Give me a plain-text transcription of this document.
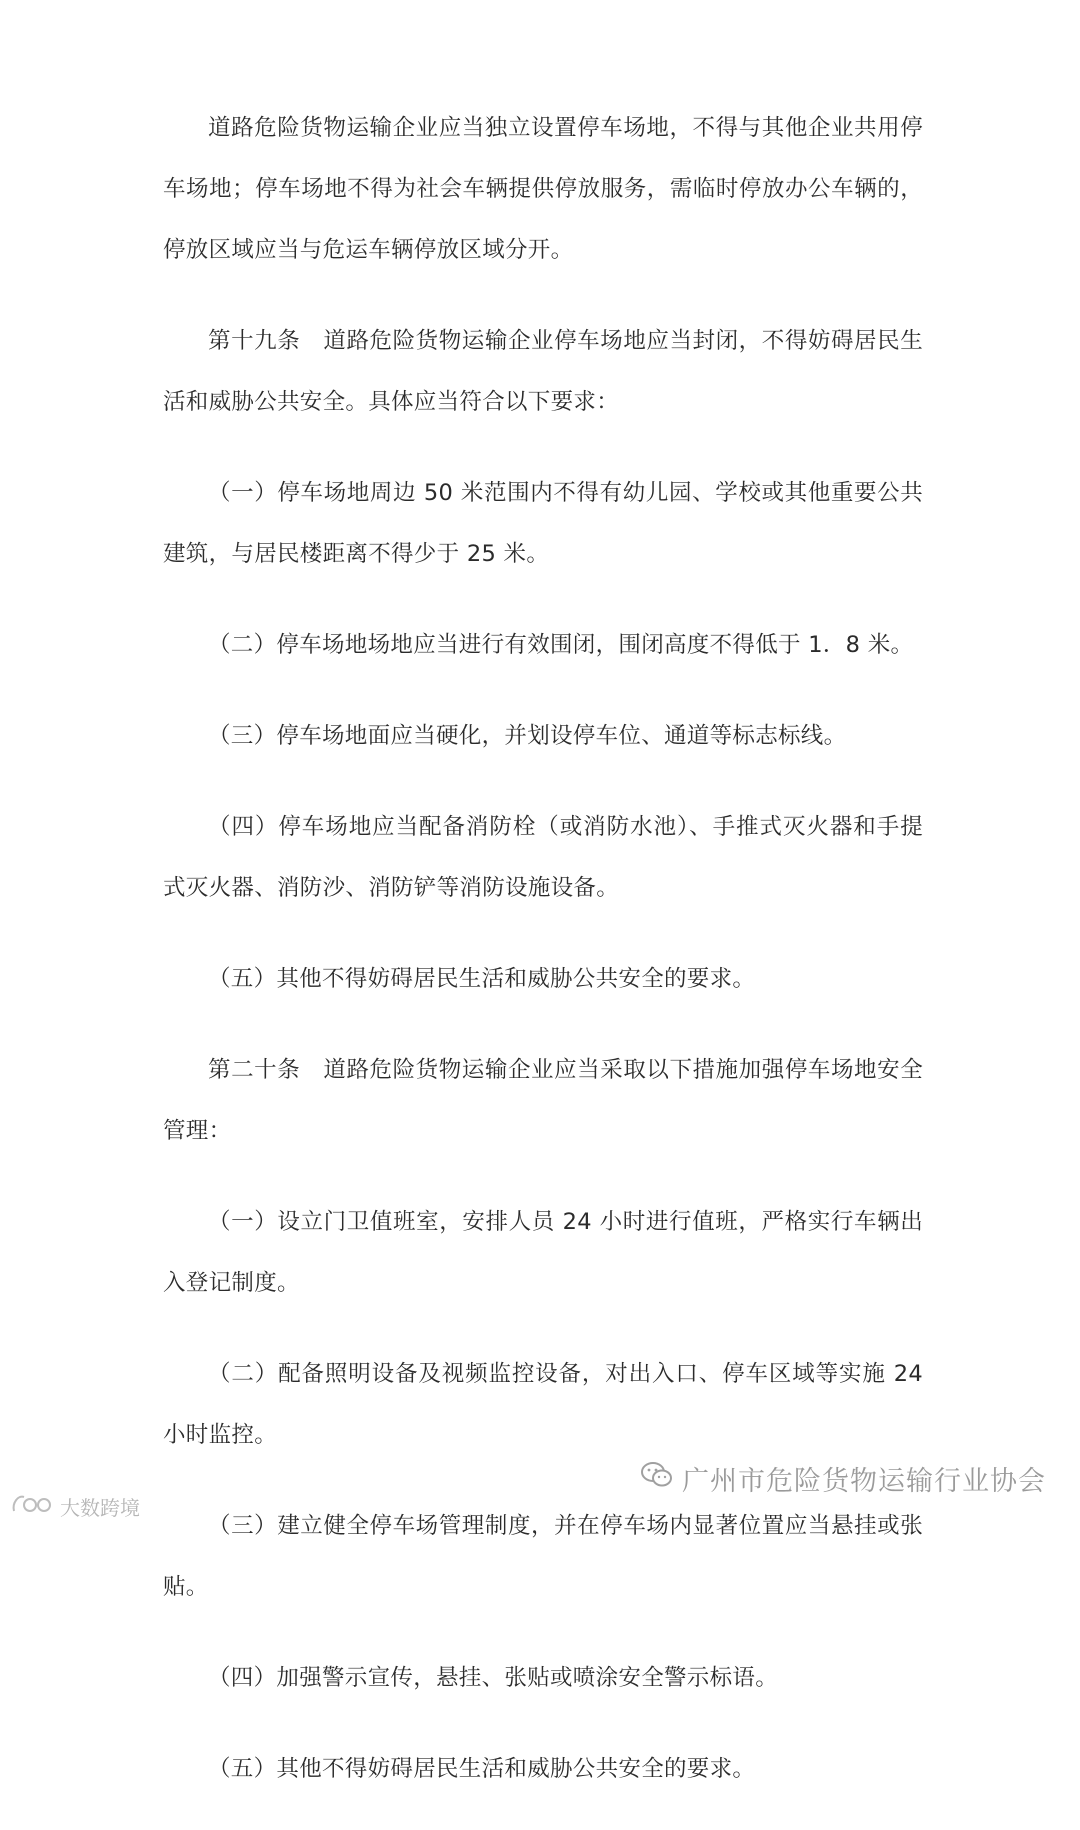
道路危险货物运输企业应当独立设置停车场地，不得与其他企业共用停车场地；停车场地不得为社会车辆提供停放服务，需临时停放办公车辆的，停放区域应当与危运车辆停放区域分开。

第十九条　道路危险货物运输企业停车场地应当封闭，不得妨碍居民生活和威胁公共安全。具体应当符合以下要求：

（一）停车场地周边 50 米范围内不得有幼儿园、学校或其他重要公共建筑，与居民楼距离不得少于 25 米。

（二）停车场地场地应当进行有效围闭，围闭高度不得低于 1．8 米。

（三）停车场地面应当硬化，并划设停车位、通道等标志标线。

（四）停车场地应当配备消防栓（或消防水池）、手推式灭火器和手提式灭火器、消防沙、消防铲等消防设施设备。

（五）其他不得妨碍居民生活和威胁公共安全的要求。

第二十条　道路危险货物运输企业应当采取以下措施加强停车场地安全管理：

（一）设立门卫值班室，安排人员 24 小时进行值班，严格实行车辆出入登记制度。

（二）配备照明设备及视频监控设备，对出入口、停车区域等实施 24 小时监控。

（三）建立健全停车场管理制度，并在停车场内显著位置应当悬挂或张贴。

（四）加强警示宣传，悬挂、张贴或喷涂安全警示标语。

（五）其他不得妨碍居民生活和威胁公共安全的要求。

广州市危险货物运输行业协会
大数跨境
